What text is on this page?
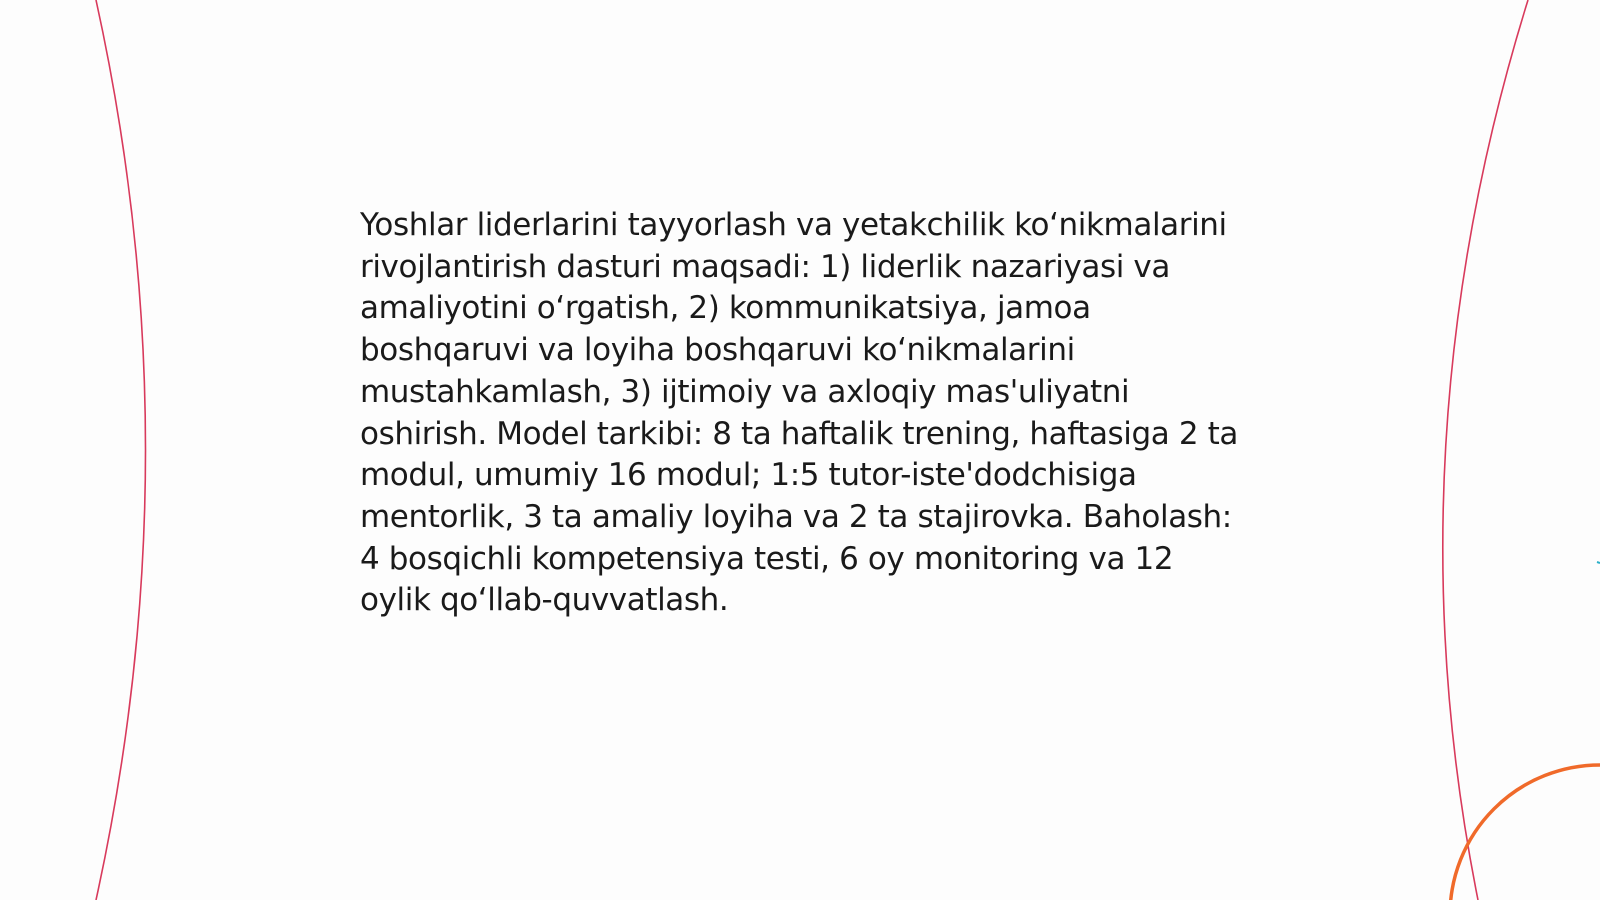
Yoshlar liderlarini tayyorlash va yetakchilik koʻnikmalarini rivojlantirish dasturi maqsadi: 1) liderlik nazariyasi va amaliyotini oʻrgatish, 2) kommunikatsiya, jamoa boshqaruvi va loyiha boshqaruvi koʻnikmalarini mustahkamlash, 3) ijtimoiy va axloqiy mas'uliyatni oshirish. Model tarkibi: 8 ta haftalik trening, haftasiga 2 ta modul, umumiy 16 modul; 1:5 tutor-iste'dodchisiga mentorlik, 3 ta amaliy loyiha va 2 ta stajirovka. Baholash: 4 bosqichli kompetensiya testi, 6 oy monitoring va 12 oylik qoʻllab-quvvatlash.
